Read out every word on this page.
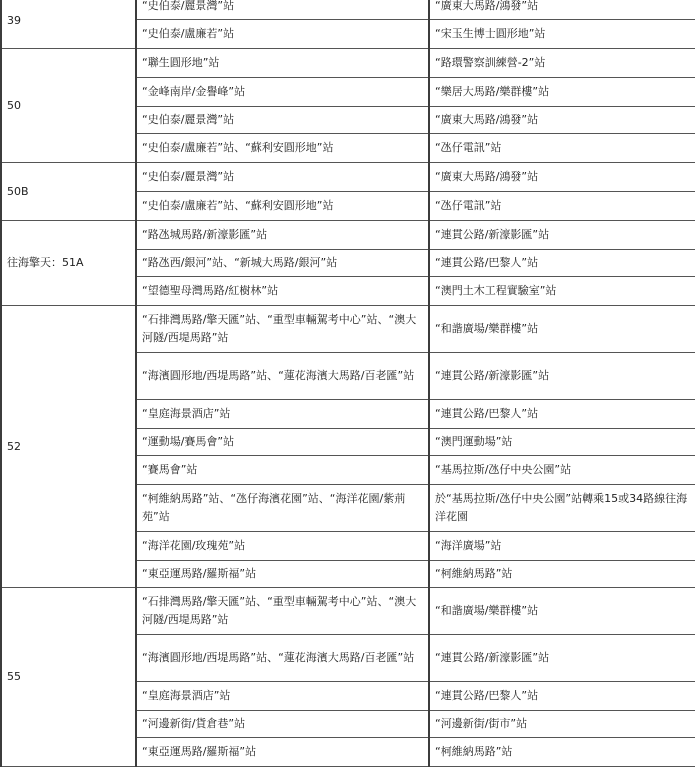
39	“史伯泰/麗景灣”站	“廣東大馬路/鴻發”站
	“史伯泰/盧廉若”站	“宋玉生博士圓形地”站
50	“聯生圓形地”站	“路環警察訓練營-2”站
	“金峰南岸/金譽峰”站	“樂居大馬路/樂群樓”站
	“史伯泰/麗景灣”站	“廣東大馬路/鴻發”站
	“史伯泰/盧廉若”站、“蘇利安圓形地”站	“氹仔電訊”站
50B	“史伯泰/麗景灣”站	“廣東大馬路/鴻發”站
	“史伯泰/盧廉若”站、“蘇利安圓形地”站	“氹仔電訊”站
往海擎天：51A	“路氹城馬路/新濠影匯”站	“連貫公路/新濠影匯”站
	“路氹西/銀河”站、“新城大馬路/銀河”站	“連貫公路/巴黎人”站
	“望德聖母灣馬路/紅樹林”站	“澳門土木工程實驗室”站
52	“石排灣馬路/擎天匯”站、“重型車輛駕考中心”站、“澳大河隧/西堤馬路”站	“和諧廣場/樂群樓”站
	“海濱圓形地/西堤馬路”站、“蓮花海濱大馬路/百老匯”站	“連貫公路/新濠影匯”站
	“皇庭海景酒店”站	“連貫公路/巴黎人”站
	“運動場/賽馬會”站	“澳門運動場”站
	“賽馬會”站	“基馬拉斯/氹仔中央公園”站
	“柯維納馬路”站、“氹仔海濱花園”站、“海洋花園/紫荊苑”站	於“基馬拉斯/氹仔中央公園”站轉乘15或34路線往海洋花園
	“海洋花園/玫瑰苑”站	“海洋廣場”站
	“東亞運馬路/羅斯福”站	“柯維納馬路”站
55	“石排灣馬路/擎天匯”站、“重型車輛駕考中心”站、“澳大河隧/西堤馬路”站	“和諧廣場/樂群樓”站
	“海濱圓形地/西堤馬路”站、“蓮花海濱大馬路/百老匯”站	“連貫公路/新濠影匯”站
	“皇庭海景酒店”站	“連貫公路/巴黎人”站
	“河邊新街/貨倉巷”站	“河邊新街/街市”站
	“東亞運馬路/羅斯福”站	“柯維納馬路”站
